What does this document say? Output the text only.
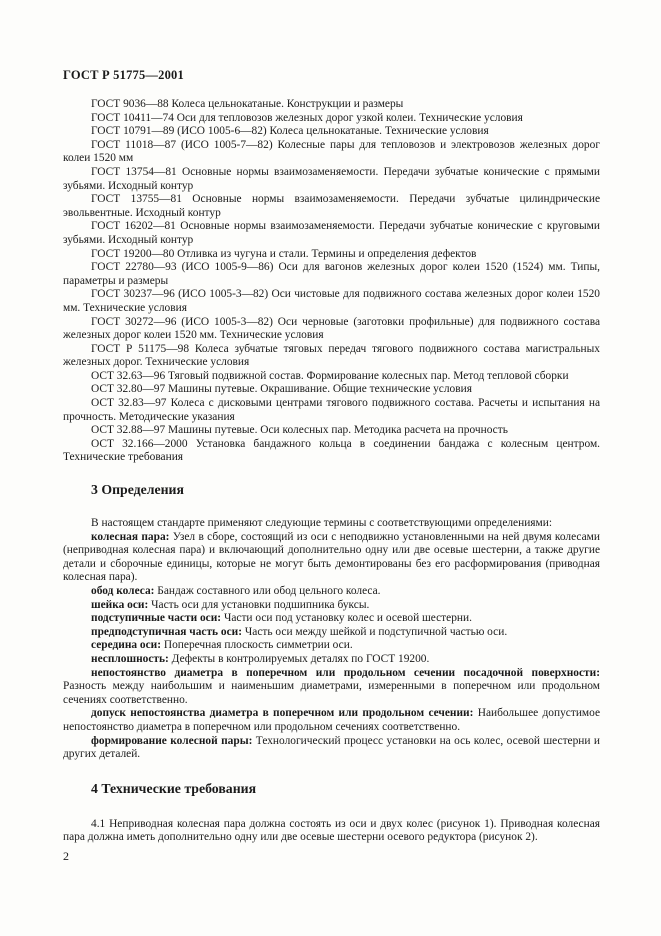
ГОСТ Р 51775—2001

ГОСТ 9036—88 Колеса цельнокатаные. Конструкции и размеры

ГОСТ 10411—74 Оси для тепловозов железных дорог узкой колеи. Технические условия

ГОСТ 10791—89 (ИСО 1005-6—82) Колеса цельнокатаные. Технические условия

ГОСТ 11018—87 (ИСО 1005-7—82) Колесные пары для тепловозов и электровозов железных дорог колеи 1520 мм

ГОСТ 13754—81 Основные нормы взаимозаменяемости. Передачи зубчатые конические с прямыми зубьями. Исходный контур

ГОСТ 13755—81 Основные нормы взаимозаменяемости. Передачи зубчатые цилиндрические эвольвентные. Исходный контур

ГОСТ 16202—81 Основные нормы взаимозаменяемости. Передачи зубчатые конические с круговыми зубьями. Исходный контур

ГОСТ 19200—80 Отливка из чугуна и стали. Термины и определения дефектов

ГОСТ 22780—93 (ИСО 1005-9—86) Оси для вагонов железных дорог колеи 1520 (1524) мм. Типы, параметры и размеры

ГОСТ 30237—96 (ИСО 1005-3—82) Оси чистовые для подвижного состава железных дорог колеи 1520 мм. Технические условия

ГОСТ 30272—96 (ИСО 1005-3—82) Оси черновые (заготовки профильные) для подвижного состава железных дорог колеи 1520 мм. Технические условия

ГОСТ Р 51175—98 Колеса зубчатые тяговых передач тягового подвижного состава магистральных железных дорог. Технические условия

ОСТ 32.63—96 Тяговый подвижной состав. Формирование колесных пар. Метод тепловой сборки

ОСТ 32.80—97 Машины путевые. Окрашивание. Общие технические условия

ОСТ 32.83—97 Колеса с дисковыми центрами тягового подвижного состава. Расчеты и испытания на прочность. Методические указания

ОСТ 32.88—97 Машины путевые. Оси колесных пар. Методика расчета на прочность

ОСТ 32.166—2000 Установка бандажного кольца в соединении бандажа с колесным центром. Технические требования

3 Определения

В настоящем стандарте применяют следующие термины с соответствующими определениями:

колесная пара: Узел в сборе, состоящий из оси с неподвижно установленными на ней двумя колесами (неприводная колесная пара) и включающий дополнительно одну или две осевые шестерни, а также другие детали и сборочные единицы, которые не могут быть демонтированы без его расформирования (приводная колесная пара).

обод колеса: Бандаж составного или обод цельного колеса.

шейка оси: Часть оси для установки подшипника буксы.

подступичные части оси: Части оси под установку колес и осевой шестерни.

предподступичная часть оси: Часть оси между шейкой и подступичной частью оси.

середина оси: Поперечная плоскость симметрии оси.

несплошность: Дефекты в контролируемых деталях по ГОСТ 19200.

непостоянство диаметра в поперечном или продольном сечении посадочной поверхности: Разность между наибольшим и наименьшим диаметрами, измеренными в поперечном или продольном сечениях соответственно.

допуск непостоянства диаметра в поперечном или продольном сечении: Наибольшее допустимое непостоянство диаметра в поперечном или продольном сечениях соответственно.

формирование колесной пары: Технологический процесс установки на ось колес, осевой шестерни и других деталей.

4 Технические требования

4.1 Неприводная колесная пара должна состоять из оси и двух колес (рисунок 1). Приводная колесная пара должна иметь дополнительно одну или две осевые шестерни осевого редуктора (рисунок 2).

2
